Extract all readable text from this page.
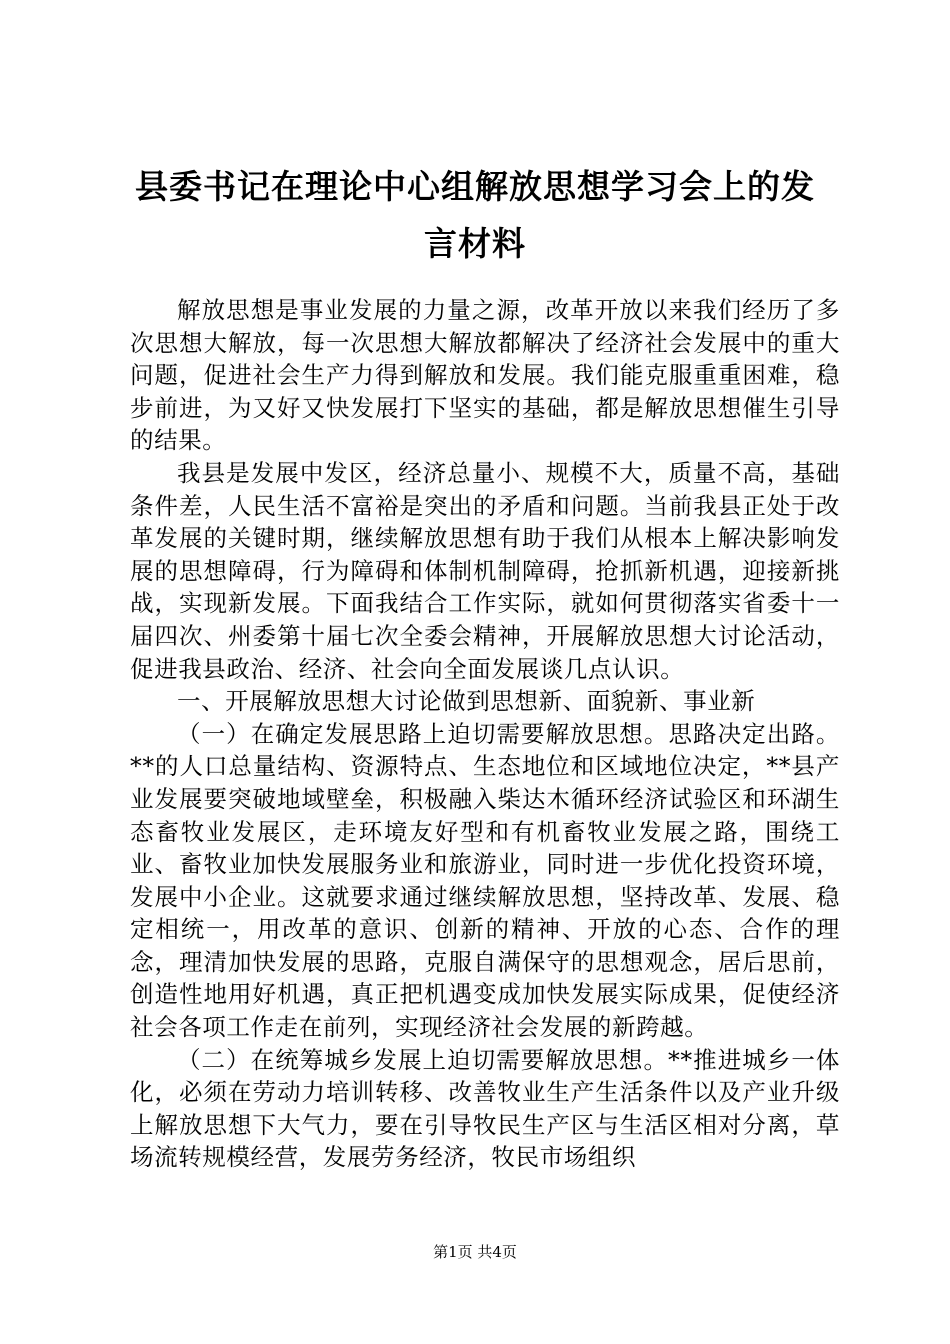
县委书记在理论中心组解放思想学习会上的发
言材料

解放思想是事业发展的力量之源，改革开放以来我们经历了多次思想大解放，每一次思想大解放都解决了经济社会发展中的重大问题，促进社会生产力得到解放和发展。我们能克服重重困难，稳步前进，为又好又快发展打下坚实的基础，都是解放思想催生引导的结果。

我县是发展中发区，经济总量小、规模不大，质量不高，基础条件差，人民生活不富裕是突出的矛盾和问题。当前我县正处于改革发展的关键时期，继续解放思想有助于我们从根本上解决影响发展的思想障碍，行为障碍和体制机制障碍，抢抓新机遇，迎接新挑战，实现新发展。下面我结合工作实际，就如何贯彻落实省委十一届四次、州委第十届七次全委会精神，开展解放思想大讨论活动，促进我县政治、经济、社会向全面发展谈几点认识。

一、开展解放思想大讨论做到思想新、面貌新、事业新

（一）在确定发展思路上迫切需要解放思想。思路决定出路。**的人口总量结构、资源特点、生态地位和区域地位决定，**县产业发展要突破地域壁垒，积极融入柴达木循环经济试验区和环湖生态畜牧业发展区，走环境友好型和有机畜牧业发展之路，围绕工业、畜牧业加快发展服务业和旅游业，同时进一步优化投资环境，发展中小企业。这就要求通过继续解放思想，坚持改革、发展、稳定相统一，用改革的意识、创新的精神、开放的心态、合作的理念，理清加快发展的思路，克服自满保守的思想观念，居后思前，创造性地用好机遇，真正把机遇变成加快发展实际成果，促使经济社会各项工作走在前列，实现经济社会发展的新跨越。

（二）在统筹城乡发展上迫切需要解放思想。**推进城乡一体化，必须在劳动力培训转移、改善牧业生产生活条件以及产业升级上解放思想下大气力，要在引导牧民生产区与生活区相对分离，草场流转规模经营，发展劳务经济，牧民市场组织

第1页 共4页
